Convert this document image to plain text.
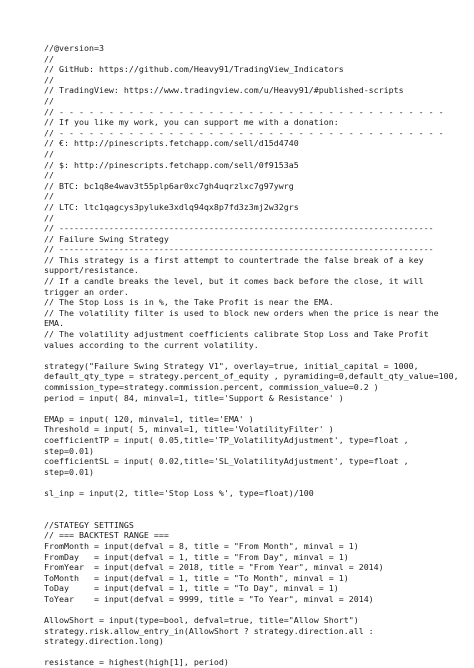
//@version=3
//
// GitHub: https://github.com/Heavy91/TradingView_Indicators
//
// TradingView: https://www.tradingview.com/u/Heavy91/#published-scripts
//
// - - - - - - - - - - - - - - - - - - - - - - - - - - - - - - - - - - - - - - -
// If you like my work, you can support me with a donation:
// - - - - - - - - - - - - - - - - - - - - - - - - - - - - - - - - - - - - - - -
// €: http://pinescripts.fetchapp.com/sell/d15d4740
//
// $: http://pinescripts.fetchapp.com/sell/0f9153a5
//
// BTC: bc1q8e4wav3t55plp6ar0xc7gh4uqrzlxc7g97ywrg
//
// LTC: ltc1qagcys3pyluke3xdlq94qx8p7fd3z3mj2w32grs
//
// ---------------------------------------------------------------------------
// Failure Swing Strategy
// ---------------------------------------------------------------------------
// This strategy is a first attempt to countertrade the false break of a key
support/resistance.
// If a candle breaks the level, but it comes back before the close, it will
trigger an order.
// The Stop Loss is in %, the Take Profit is near the EMA.
// The volatility filter is used to block new orders when the price is near the
EMA.
// The volatility adjustment coefficients calibrate Stop Loss and Take Profit
values according to the current volatility.
strategy("Failure Swing Strategy V1", overlay=true, initial_capital = 1000,
default_qty_type = strategy.percent_of_equity , pyramiding=0,default_qty_value=100,
commission_type=strategy.commission.percent, commission_value=0.2 )
period = input( 84, minval=1, title='Support & Resistance' )
EMAp = input( 120, minval=1, title='EMA' )
Threshold = input( 5, minval=1, title='VolatilityFilter' )
coefficientTP = input( 0.05,title='TP_VolatilityAdjustment', type=float ,
step=0.01)
coefficientSL = input( 0.02,title='SL_VolatilityAdjustment', type=float ,
step=0.01)
sl_inp = input(2, title='Stop Loss %', type=float)/100
//STATEGY SETTINGS
// === BACKTEST RANGE ===
FromMonth = input(defval = 8, title = "From Month", minval = 1)
FromDay   = input(defval = 1, title = "From Day", minval = 1)
FromYear  = input(defval = 2018, title = "From Year", minval = 2014)
ToMonth   = input(defval = 1, title = "To Month", minval = 1)
ToDay     = input(defval = 1, title = "To Day", minval = 1)
ToYear    = input(defval = 9999, title = "To Year", minval = 2014)
AllowShort = input(type=bool, defval=true, title="Allow Short")
strategy.risk.allow_entry_in(AllowShort ? strategy.direction.all :
strategy.direction.long)
resistance = highest(high[1], period)
